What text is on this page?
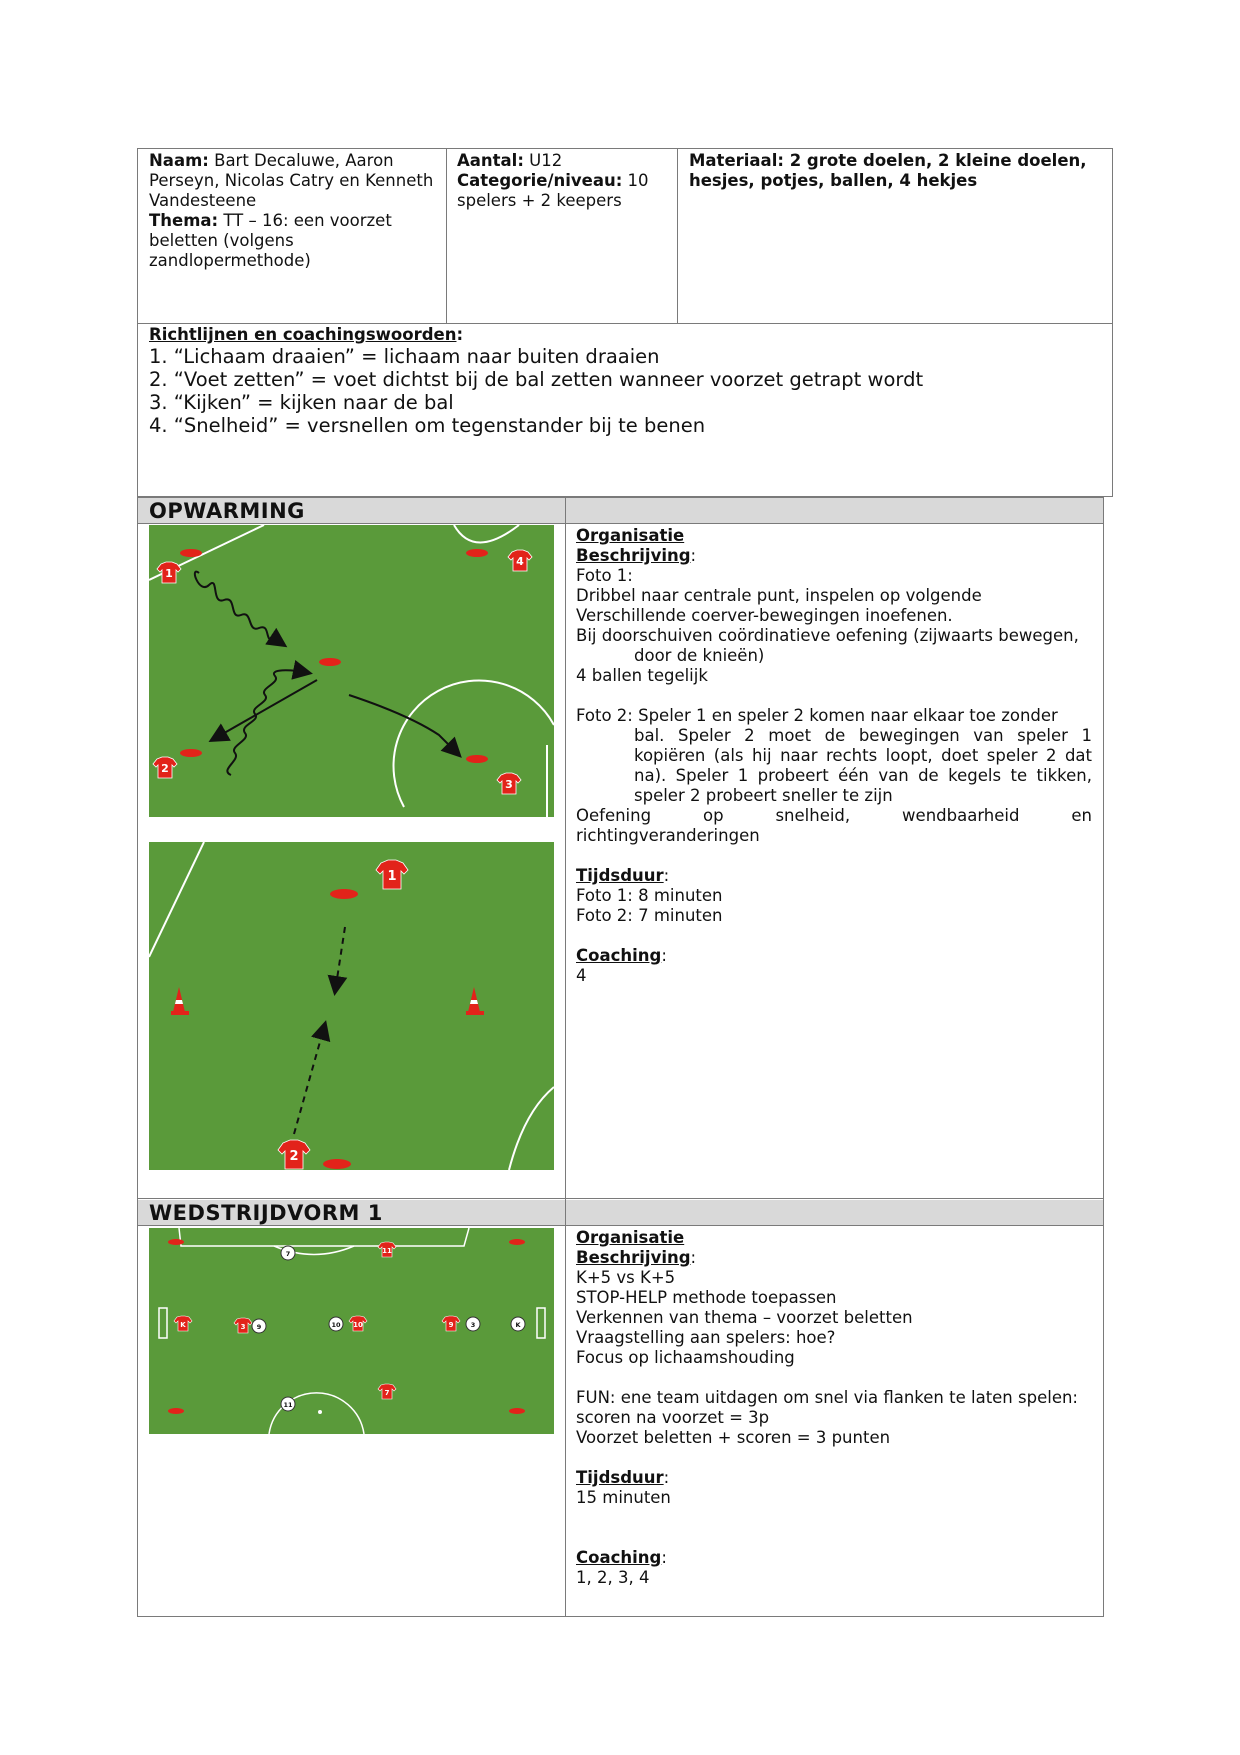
Naam: Bart Decaluwe, Aaron Perseyn, Nicolas Catry en Kenneth Vandesteene
Thema: TT – 16: een voorzet beletten (volgens zandlopermethode)
Aantal: U12
Categorie/niveau: 10 spelers + 2 keepers
Materiaal: 2 grote doelen, 2 kleine doelen, hesjes, potjes, ballen, 4 hekjes
Richtlijnen en coachingswoorden:
1. “Lichaam draaien” = lichaam naar buiten draaien
2. “Voet zetten” = voet dichtst bij de bal zetten wanneer voorzet getrapt wordt
3. “Kijken” = kijken naar de bal
4. “Snelheid” = versnellen om tegenstander bij te benen
OPWARMING
1
4
2
3
1
2

Organisatie

Beschrijving:

Foto 1:

Dribbel naar centrale punt, inspelen op volgende

Verschillende coerver-bewegingen inoefenen.

Bij doorschuiven coördinatieve oefening (zijwaarts bewegen,

door de knieën)

4 ballen tegelijk

Foto 2: Speler 1 en speler 2 komen naar elkaar toe zonder

bal. Speler 2 moet de bewegingen van speler 1 kopiëren (als hij naar rechts loopt, doet speler 2 dat na). Speler 1 probeert één van de kegels te tikken, speler 2 probeert sneller te zijn

Oefening op snelheid, wendbaarheid en richtingveranderingen

Tijdsduur:

Foto 1: 8 minuten

Foto 2: 7 minuten

Coaching:

4

WEDSTRIJDVORM 1
11
K	3	10	9
7
7
9	10	3	K
11

Organisatie

Beschrijving:

K+5 vs K+5

STOP-HELP methode toepassen

Verkennen van thema – voorzet beletten

Vraagstelling aan spelers: hoe?

Focus op lichaamshouding

FUN: ene team uitdagen om snel via flanken te laten spelen:

scoren na voorzet = 3p

Voorzet beletten + scoren = 3 punten

Tijdsduur:

15 minuten

Coaching:

1, 2, 3, 4
